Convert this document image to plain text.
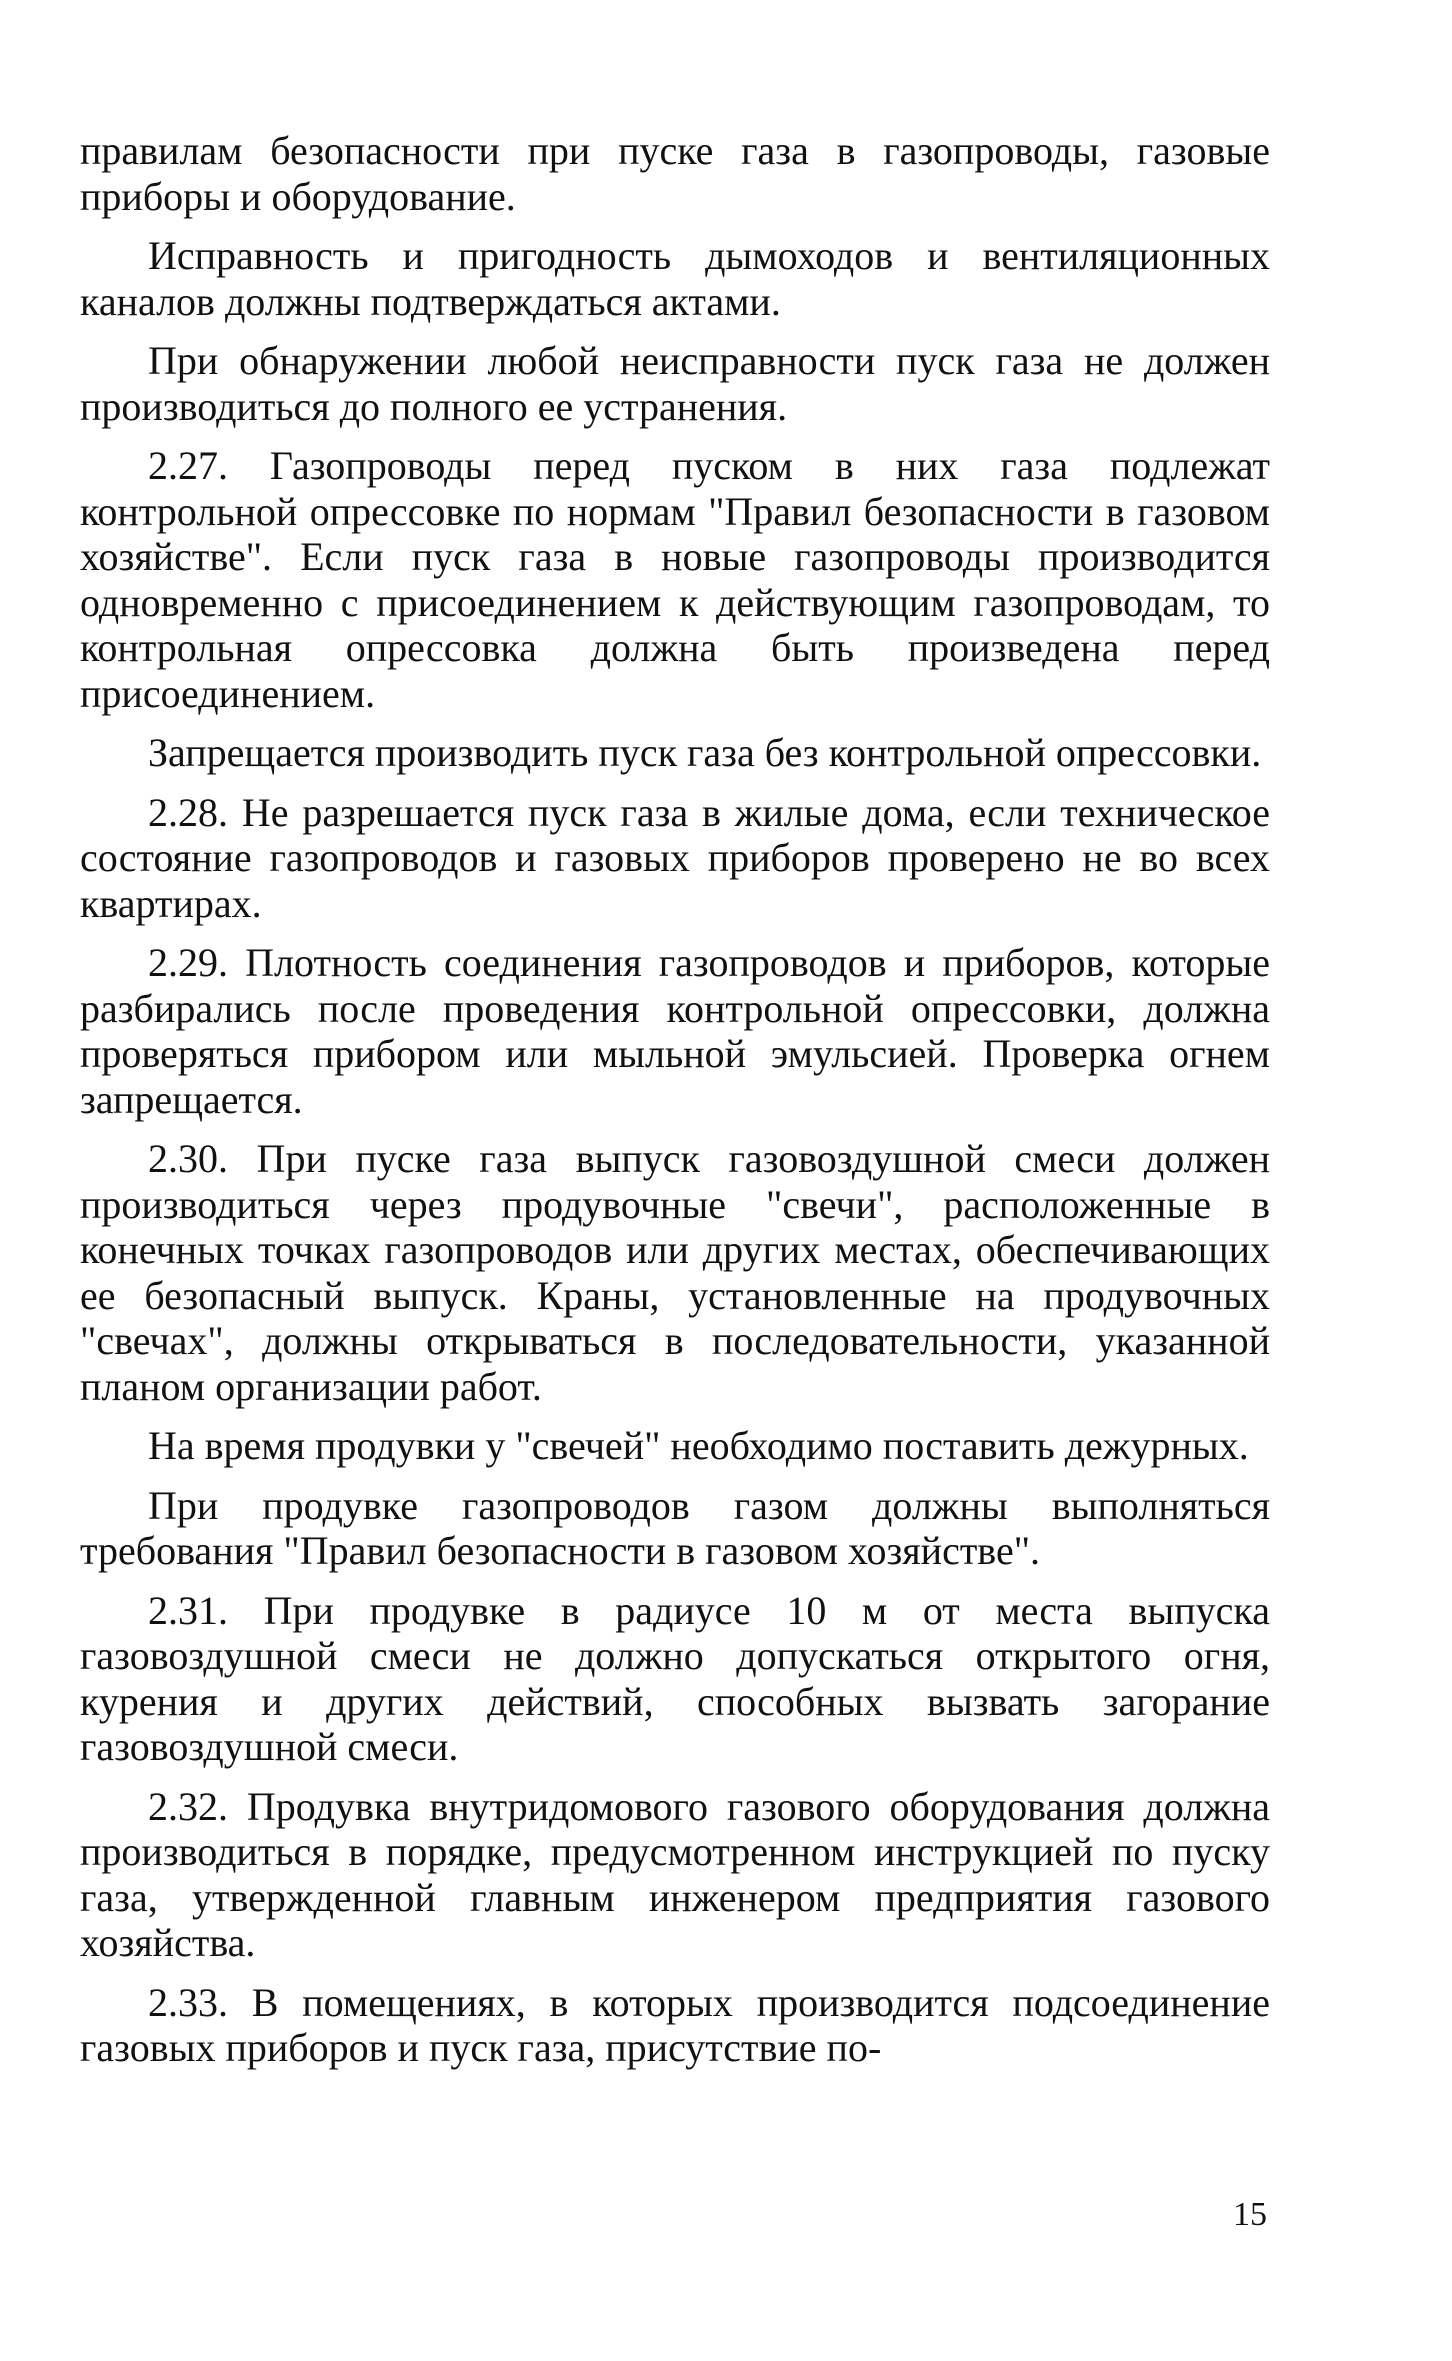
правилам безопасности при пуске газа в газопроводы, газовые приборы и оборудование.

Исправность и пригодность дымоходов и вентиляционных каналов должны подтверждаться актами.

При обнаружении любой неисправности пуск газа не должен производиться до полного ее устранения.

2.27. Газопроводы перед пуском в них газа подлежат контрольной опрессовке по нормам "Правил безопасности в газовом хозяйстве". Если пуск газа в новые газопроводы производится одновременно с присоединением к действующим газопроводам, то контрольная опрессовка должна быть произведена перед присоединением.

Запрещается производить пуск газа без контрольной опрессовки.

2.28. Не разрешается пуск газа в жилые дома, если техническое состояние газопроводов и газовых приборов проверено не во всех квартирах.

2.29. Плотность соединения газопроводов и приборов, которые разбирались после проведения контрольной опрессовки, должна проверяться прибором или мыльной эмульсией. Проверка огнем запрещается.

2.30. При пуске газа выпуск газовоздушной смеси должен производиться через продувочные "свечи", расположенные в конечных точках газопроводов или других местах, обеспечивающих ее безопасный выпуск. Краны, установленные на продувочных "свечах", должны открываться в последовательности, указанной планом организации работ.

На время продувки у "свечей" необходимо поставить дежурных.

При продувке газопроводов газом должны выполняться требования "Правил безопасности в газовом хозяйстве".

2.31. При продувке в радиусе 10 м от места выпуска газовоздушной смеси не должно допускаться открытого огня, курения и других действий, способных вызвать загорание газовоздушной смеси.

2.32. Продувка внутридомового газового оборудования должна производиться в порядке, предусмотренном инструкцией по пуску газа, утвержденной главным инженером предприятия газового хозяйства.

2.33. В помещениях, в которых производится подсоединение газовых приборов и пуск газа, присутствие по-

15
